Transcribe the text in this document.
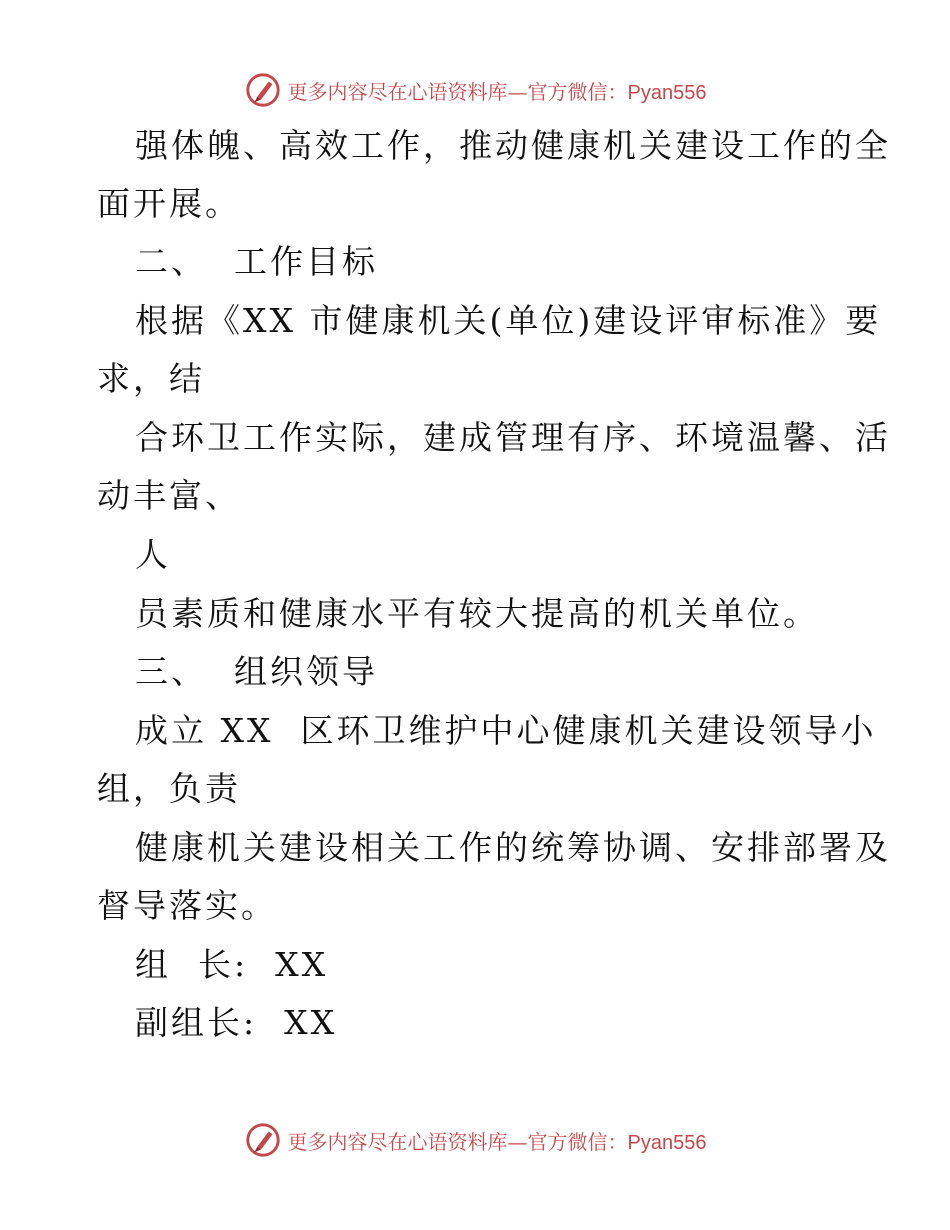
更多内容尽在心语资料库—官方微信：Pyan556
强体魄、高效工作，推动健康机关建设工作的全
面开展。
二、  工作目标
根据《XX 市健康机关(单位)建设评审标准》要
求，结
合环卫工作实际，建成管理有序、环境温馨、活
动丰富、
人
员素质和健康水平有较大提高的机关单位。
三、  组织领导
成立 XX  区环卫维护中心健康机关建设领导小
组，负责
健康机关建设相关工作的统筹协调、安排部署及
督导落实。
组  长:  XX
副组长:  XX
更多内容尽在心语资料库—官方微信：Pyan556
